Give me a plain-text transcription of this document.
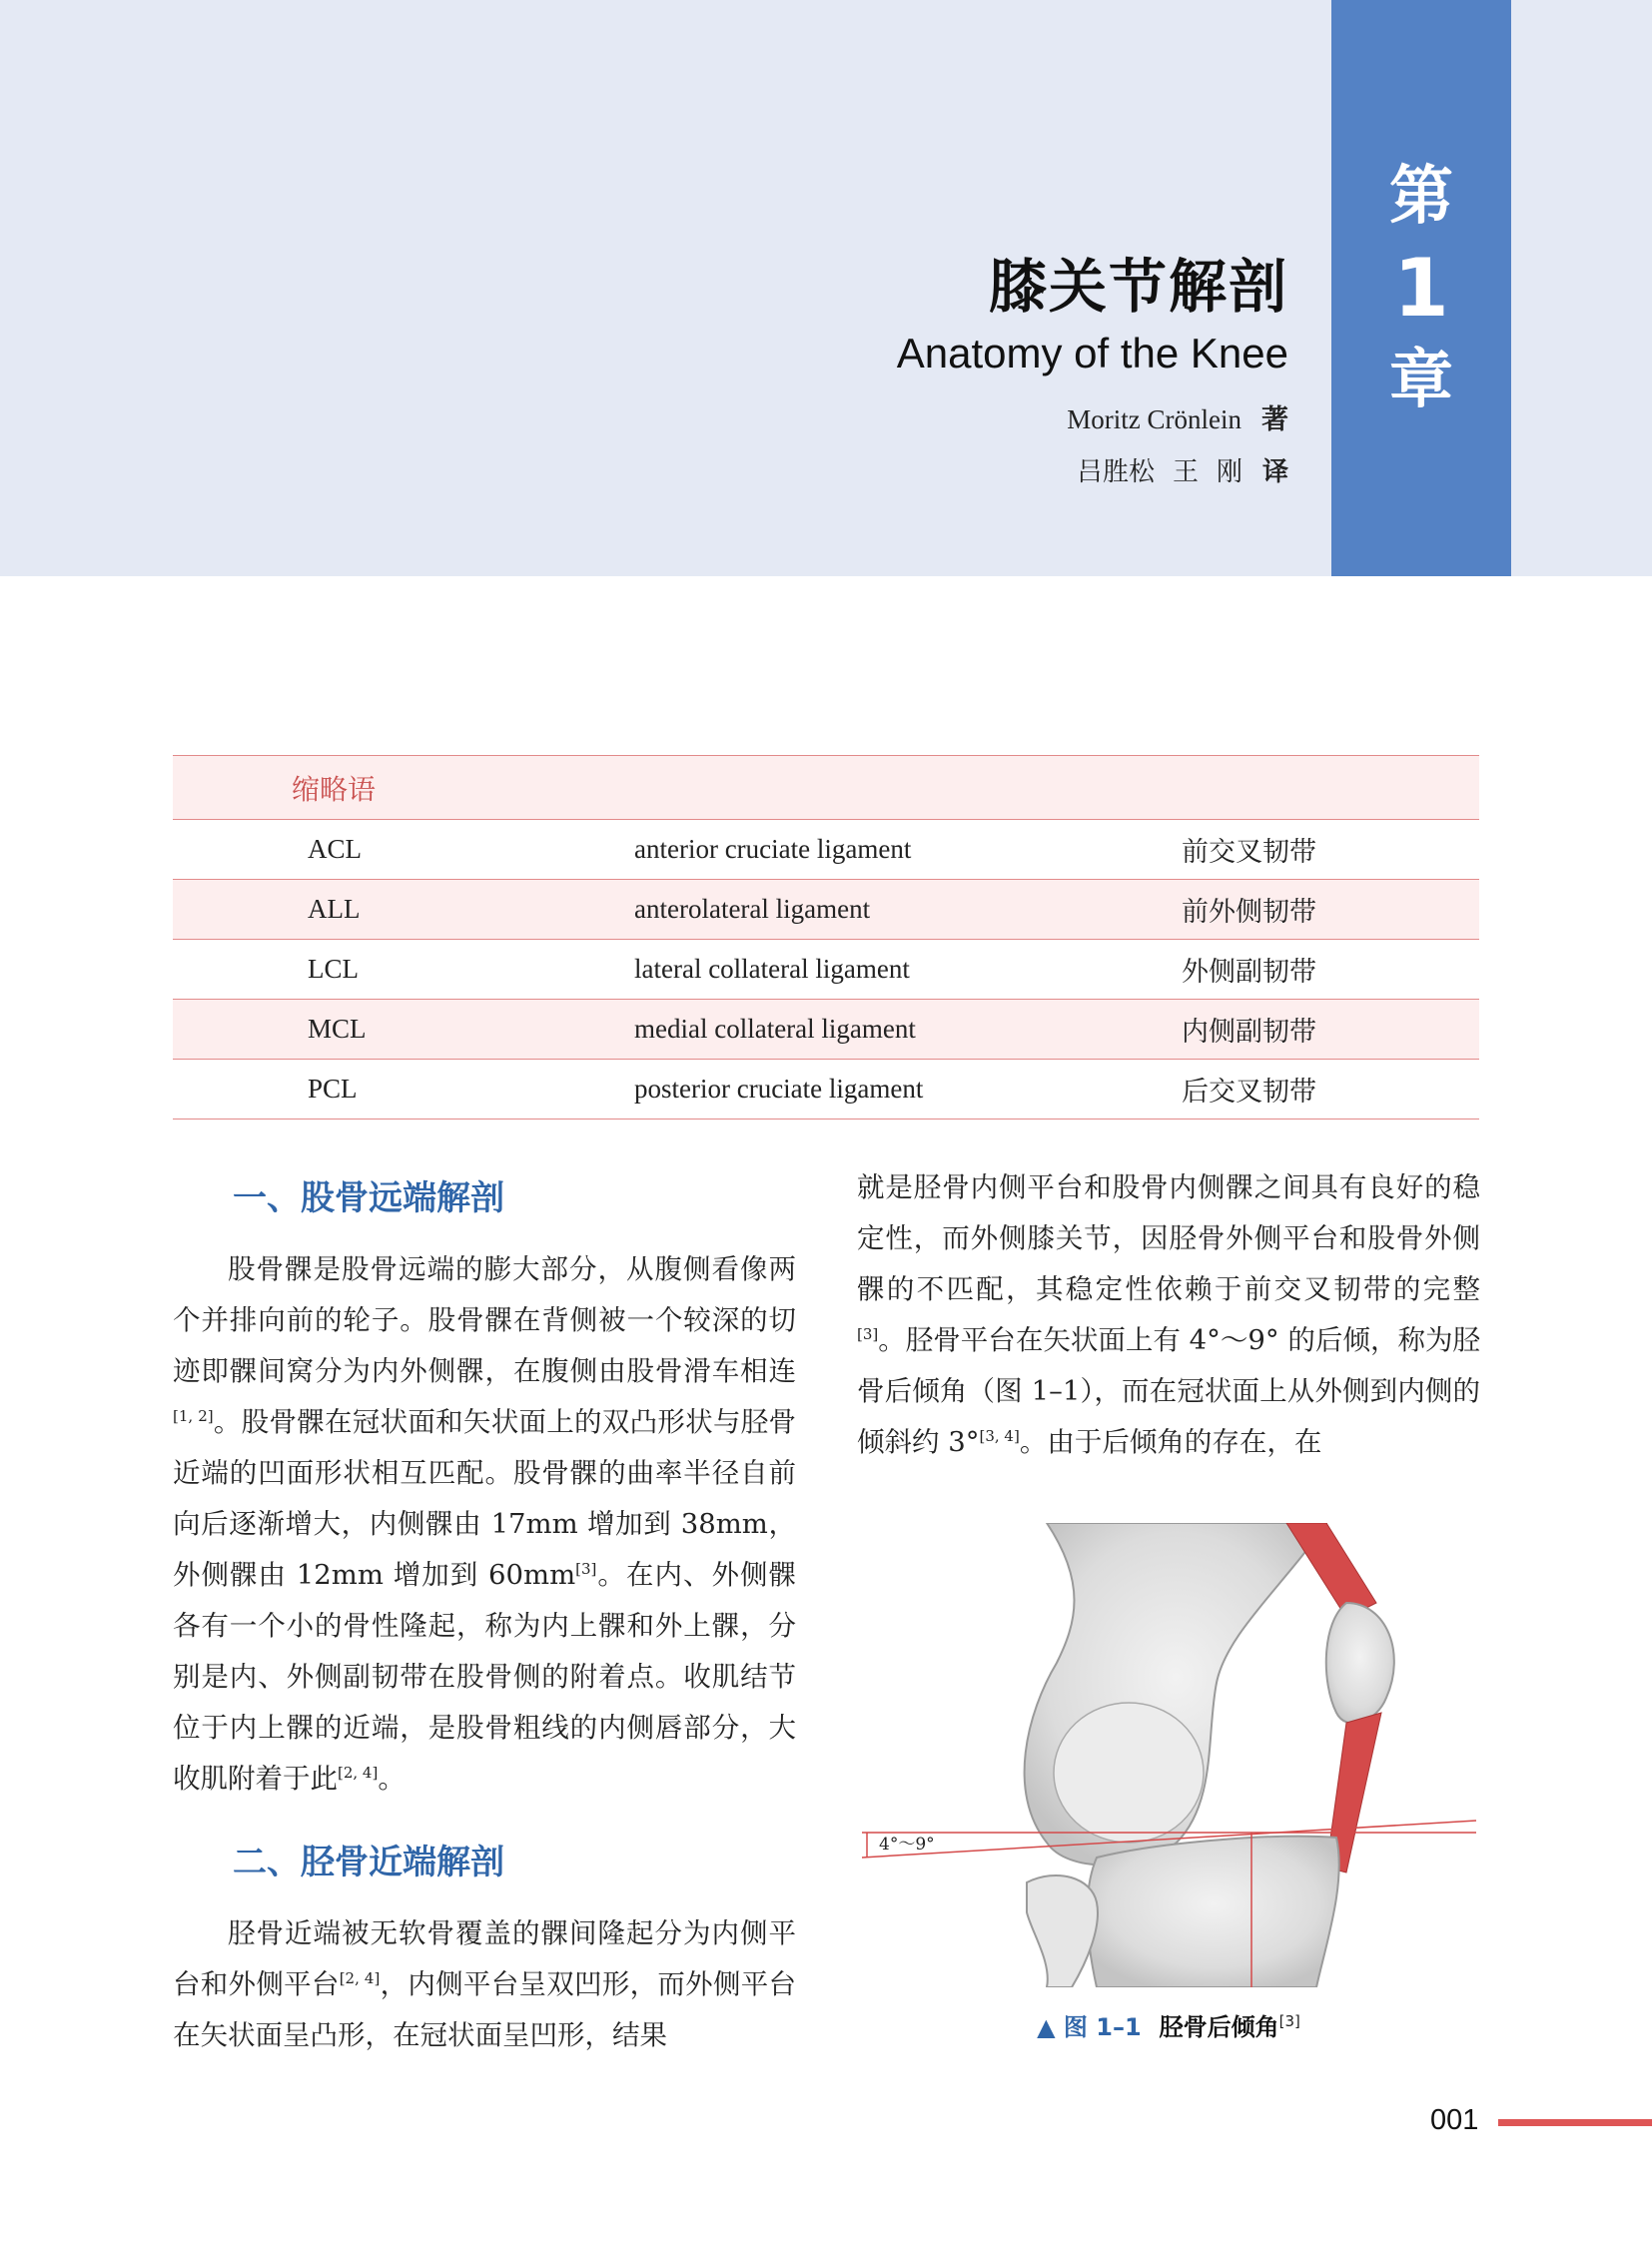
第
1
章
膝关节解剖
Anatomy of the Knee
Moritz Crönlein 著
吕胜松 王 刚 译
缩略语
ACL	anterior cruciate ligament	前交叉韧带
ALL	anterolateral ligament	前外侧韧带
LCL	lateral collateral ligament	外侧副韧带
MCL	medial collateral ligament	内侧副韧带
PCL	posterior cruciate ligament	后交叉韧带
一、股骨远端解剖

股骨髁是股骨远端的膨大部分，从腹侧看像两个并排向前的轮子。股骨髁在背侧被一个较深的切迹即髁间窝分为内外侧髁，在腹侧由股骨滑车相连[1, 2]。股骨髁在冠状面和矢状面上的双凸形状与胫骨近端的凹面形状相互匹配。股骨髁的曲率半径自前向后逐渐增大，内侧髁由 17mm 增加到 38mm，外侧髁由 12mm 增加到 60mm[3]。在内、外侧髁各有一个小的骨性隆起，称为内上髁和外上髁，分别是内、外侧副韧带在股骨侧的附着点。收肌结节位于内上髁的近端，是股骨粗线的内侧唇部分，大收肌附着于此[2, 4]。

二、胫骨近端解剖

胫骨近端被无软骨覆盖的髁间隆起分为内侧平台和外侧平台[2, 4]，内侧平台呈双凹形，而外侧平台在矢状面呈凸形，在冠状面呈凹形，结果

就是胫骨内侧平台和股骨内侧髁之间具有良好的稳定性，而外侧膝关节，因胫骨外侧平台和股骨外侧髁的不匹配，其稳定性依赖于前交叉韧带的完整[3]。胫骨平台在矢状面上有 4°～9° 的后倾，称为胫骨后倾角（图 1–1），而在冠状面上从外侧到内侧的倾斜约 3°[3, 4]。由于后倾角的存在，在

4°～9°
▲ 图 1–1 胫骨后倾角[3]
001
